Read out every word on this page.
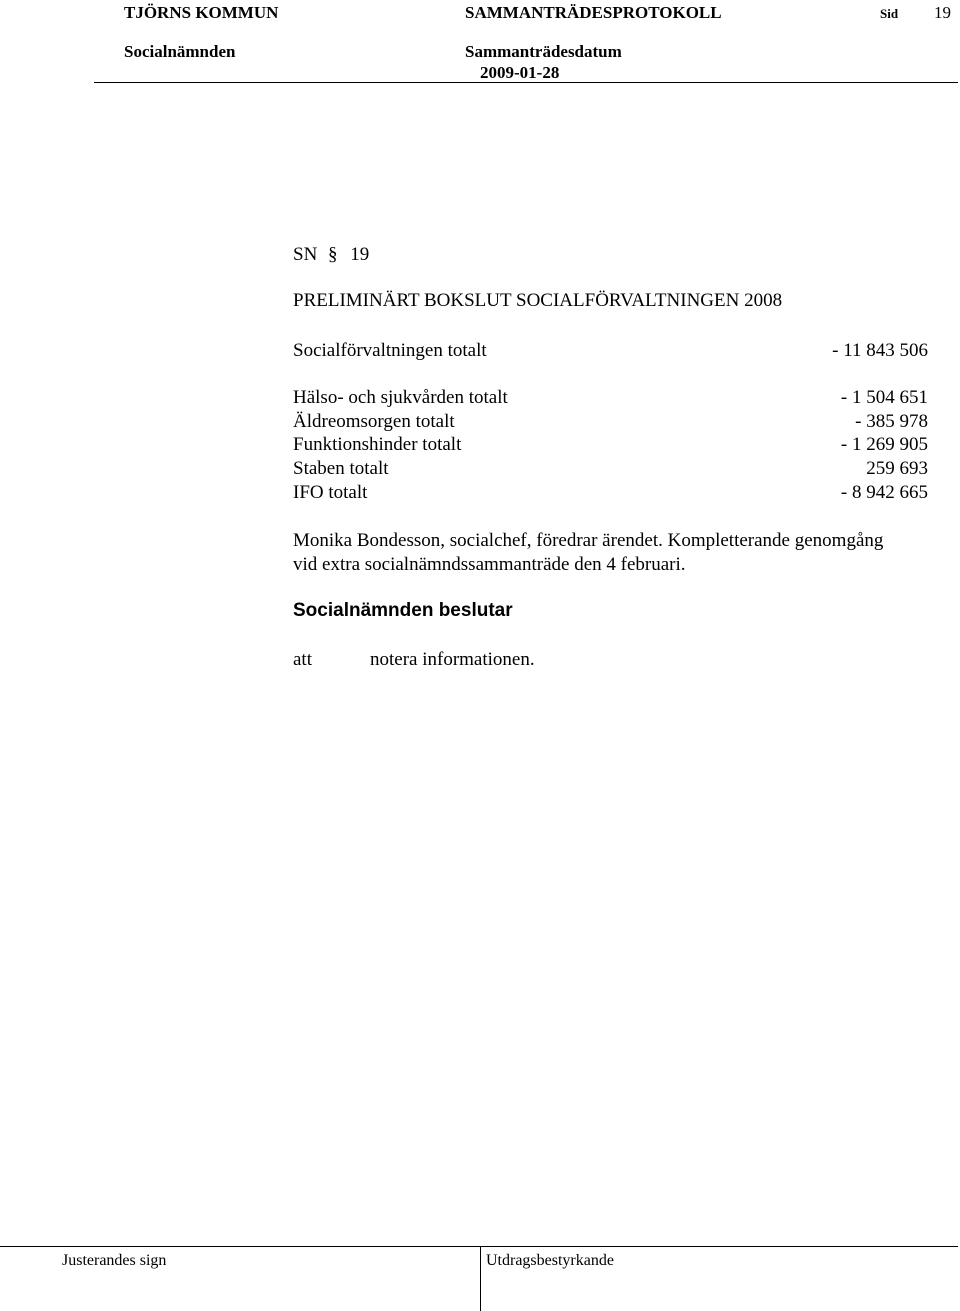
TJÖRNS KOMMUN	SAMMANTRÄDESPROTOKOLL	Sid 19
Socialnämnden	Sammanträdesdatum
2009-01-28
SN § 19
PRELIMINÄRT BOKSLUT SOCIALFÖRVALTNINGEN 2008
Socialförvaltningen totalt	- 11 843 506
Hälso- och sjukvården totalt	- 1 504 651
Äldreomsorgen totalt	- 385 978
Funktionshinder totalt	- 1 269 905
Staben totalt	259 693
IFO totalt	- 8 942 665
Monika Bondesson, socialchef, föredrar ärendet. Kompletterande genomgång
vid extra socialnämndssammanträde den 4 februari.
Socialnämnden beslutar
att	notera informationen.
Justerandes sign	Utdragsbestyrkande
